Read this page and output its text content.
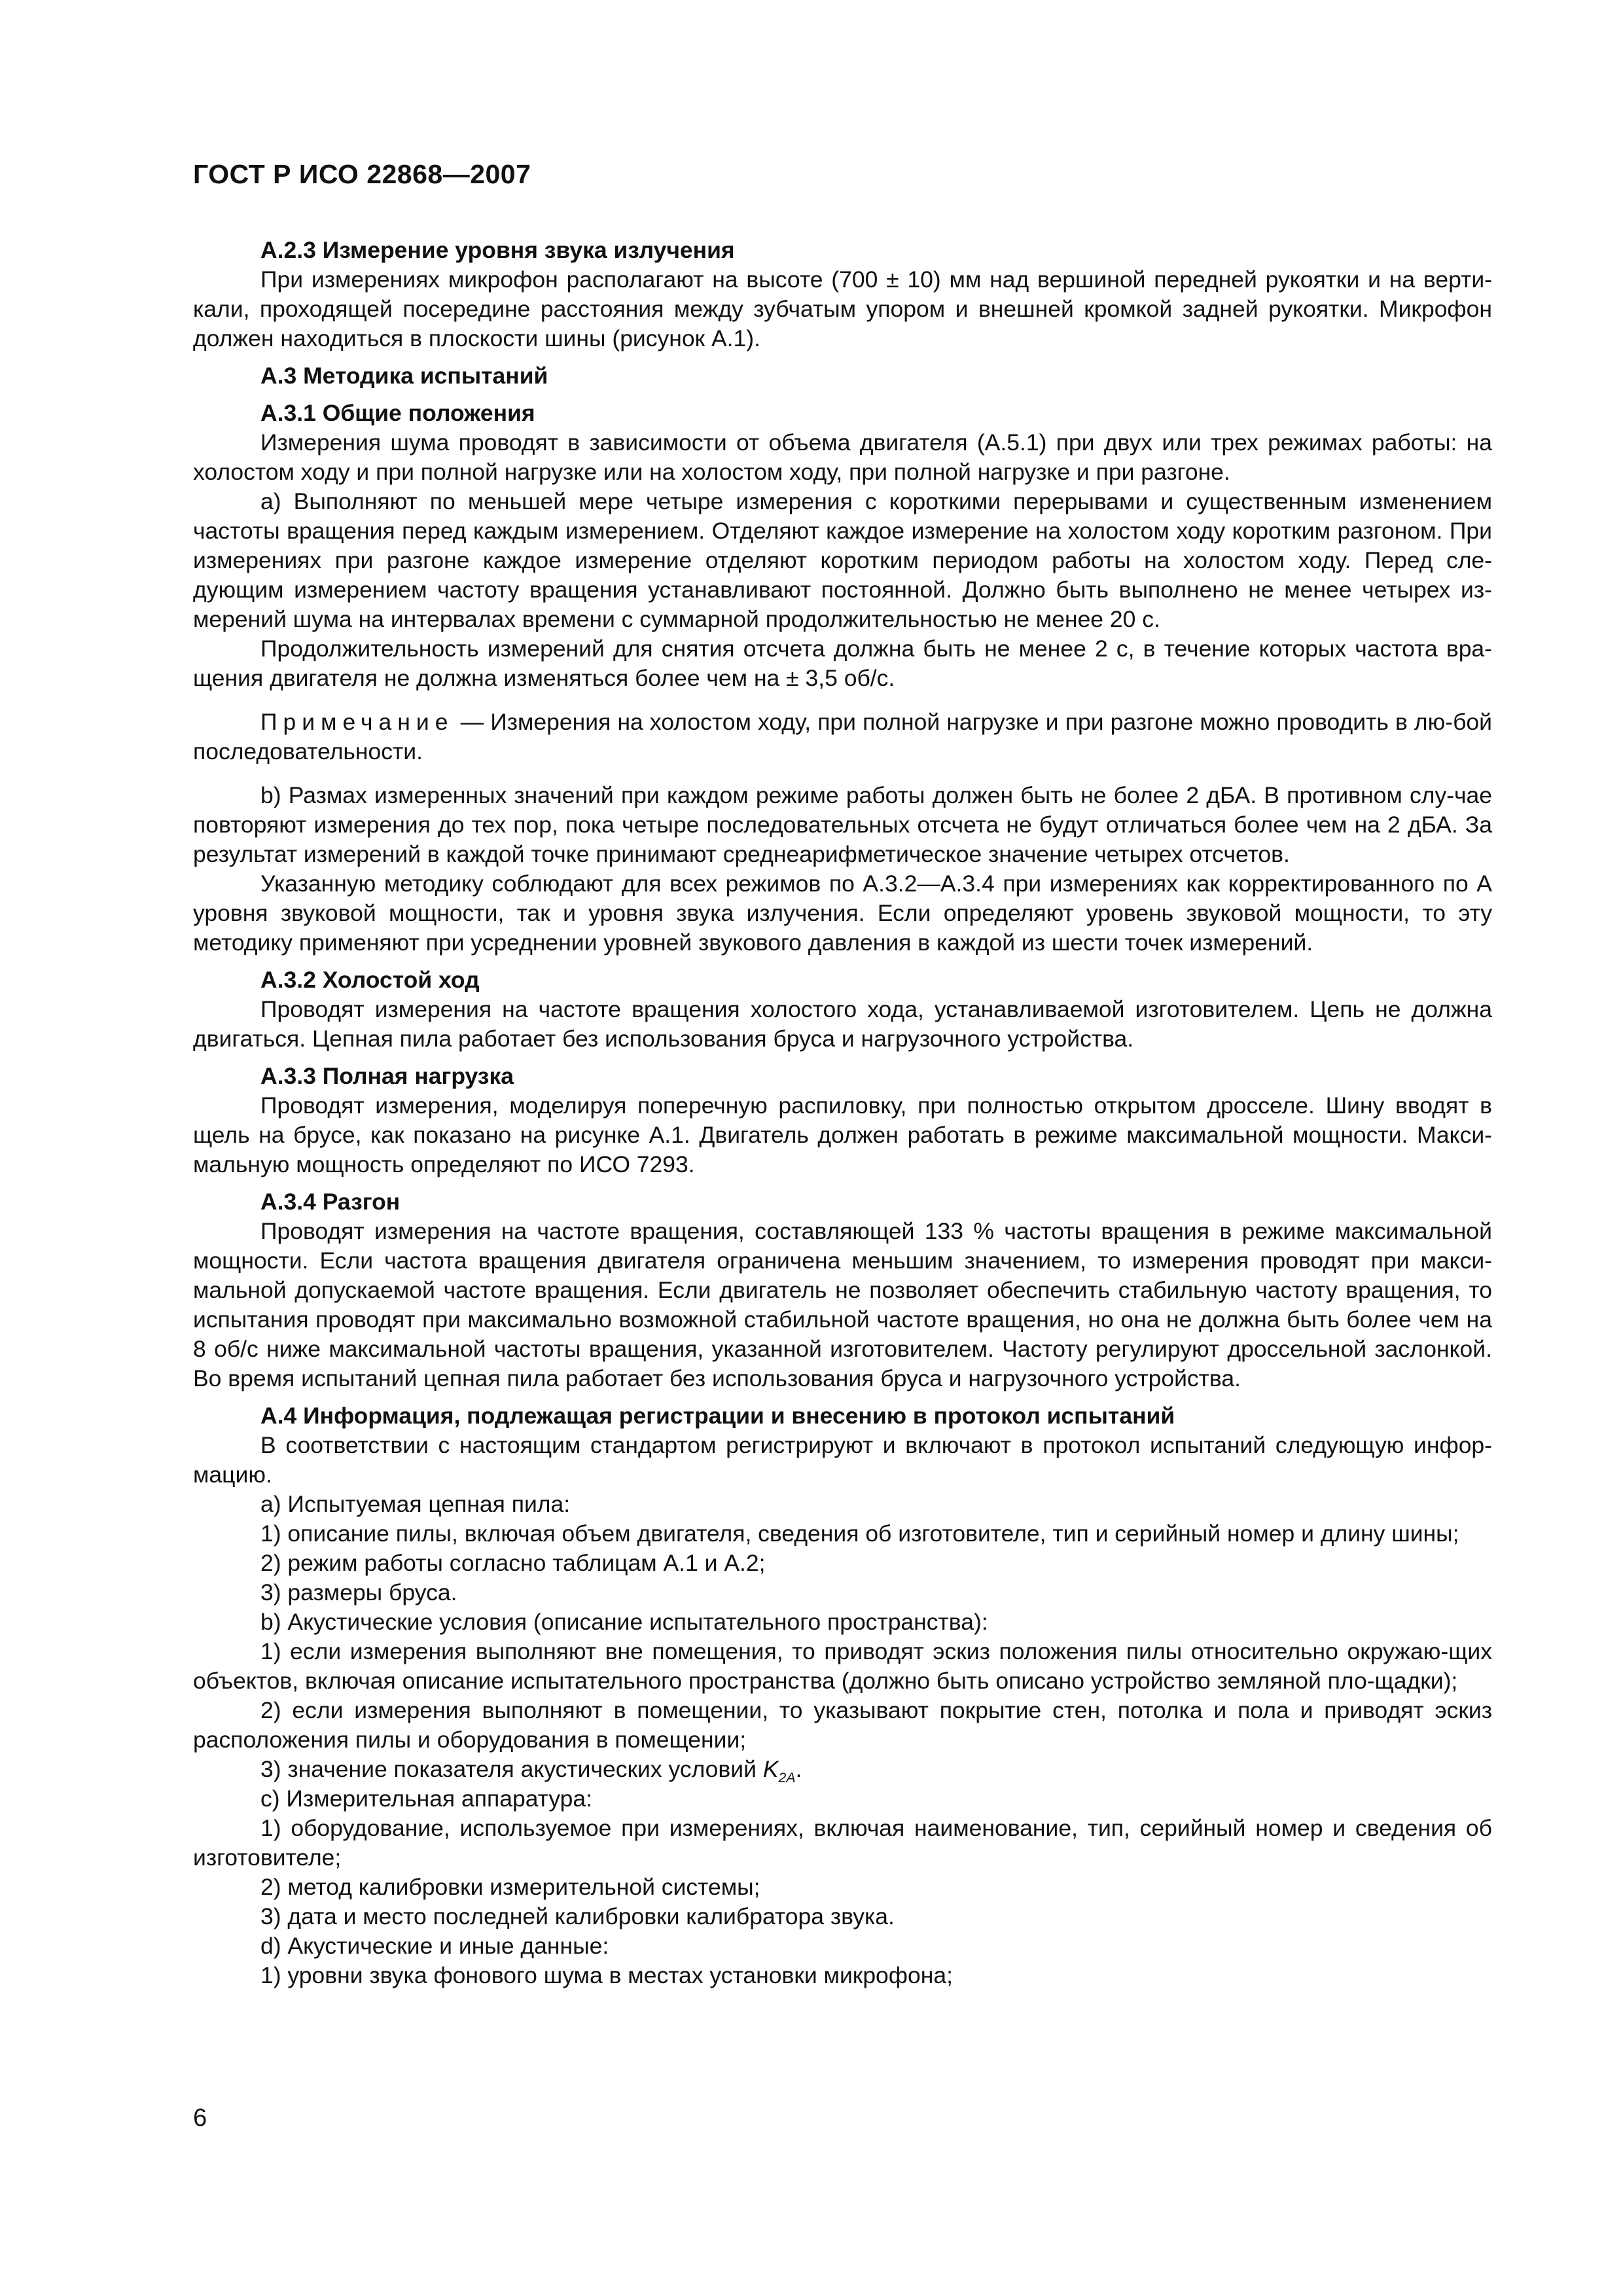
ГОСТ Р ИСО 22868—2007

А.2.3 Измерение уровня звука излучения

При измерениях микрофон располагают на высоте (700 ± 10) мм над вершиной передней рукоятки и на верти-кали, проходящей посередине расстояния между зубчатым упором и внешней кромкой задней рукоятки. Микрофон должен находиться в плоскости шины (рисунок А.1).

А.3 Методика испытаний

А.3.1 Общие положения

Измерения шума проводят в зависимости от объема двигателя (А.5.1) при двух или трех режимах работы: на холостом ходу и при полной нагрузке или на холостом ходу, при полной нагрузке и при разгоне.

а) Выполняют по меньшей мере четыре измерения с короткими перерывами и существенным изменением частоты вращения перед каждым измерением. Отделяют каждое измерение на холостом ходу коротким разгоном. При измерениях при разгоне каждое измерение отделяют коротким периодом работы на холостом ходу. Перед сле-дующим измерением частоту вращения устанавливают постоянной. Должно быть выполнено не менее четырех из-мерений шума на интервалах времени с суммарной продолжительностью не менее 20 с.

Продолжительность измерений для снятия отсчета должна быть не менее 2 с, в течение которых частота вра-щения двигателя не должна изменяться более чем на ± 3,5 об/с.

Примечание — Измерения на холостом ходу, при полной нагрузке и при разгоне можно проводить в лю-бой последовательности.

b) Размах измеренных значений при каждом режиме работы должен быть не более 2 дБА. В противном слу-чае повторяют измерения до тех пор, пока четыре последовательных отсчета не будут отличаться более чем на 2 дБА. За результат измерений в каждой точке принимают среднеарифметическое значение четырех отсчетов.

Указанную методику соблюдают для всех режимов по А.3.2—А.3.4 при измерениях как корректированного по А уровня звуковой мощности, так и уровня звука излучения. Если определяют уровень звуковой мощности, то эту методику применяют при усреднении уровней звукового давления в каждой из шести точек измерений.

А.3.2 Холостой ход

Проводят измерения на частоте вращения холостого хода, устанавливаемой изготовителем. Цепь не должна двигаться. Цепная пила работает без использования бруса и нагрузочного устройства.

А.3.3 Полная нагрузка

Проводят измерения, моделируя поперечную распиловку, при полностью открытом дросселе. Шину вводят в щель на брусе, как показано на рисунке А.1. Двигатель должен работать в режиме максимальной мощности. Макси-мальную мощность определяют по ИСО 7293.

А.3.4 Разгон

Проводят измерения на частоте вращения, составляющей 133 % частоты вращения в режиме максимальной мощности. Если частота вращения двигателя ограничена меньшим значением, то измерения проводят при макси-мальной допускаемой частоте вращения. Если двигатель не позволяет обеспечить стабильную частоту вращения, то испытания проводят при максимально возможной стабильной частоте вращения, но она не должна быть более чем на 8 об/с ниже максимальной частоты вращения, указанной изготовителем. Частоту регулируют дроссельной заслонкой. Во время испытаний цепная пила работает без использования бруса и нагрузочного устройства.

А.4 Информация, подлежащая регистрации и внесению в протокол испытаний

В соответствии с настоящим стандартом регистрируют и включают в протокол испытаний следующую инфор-мацию.

а) Испытуемая цепная пила:

1) описание пилы, включая объем двигателя, сведения об изготовителе, тип и серийный номер и длину шины;

2) режим работы согласно таблицам А.1 и А.2;

3) размеры бруса.

b) Акустические условия (описание испытательного пространства):

1) если измерения выполняют вне помещения, то приводят эскиз положения пилы относительно окружаю-щих объектов, включая описание испытательного пространства (должно быть описано устройство земляной пло-щадки);

2) если измерения выполняют в помещении, то указывают покрытие стен, потолка и пола и приводят эскиз расположения пилы и оборудования в помещении;

3) значение показателя акустических условий $K_{2A}$.

с) Измерительная аппаратура:

1) оборудование, используемое при измерениях, включая наименование, тип, серийный номер и сведения об изготовителе;

2) метод калибровки измерительной системы;

3) дата и место последней калибровки калибратора звука.

d) Акустические и иные данные:

1) уровни звука фонового шума в местах установки микрофона;

6
